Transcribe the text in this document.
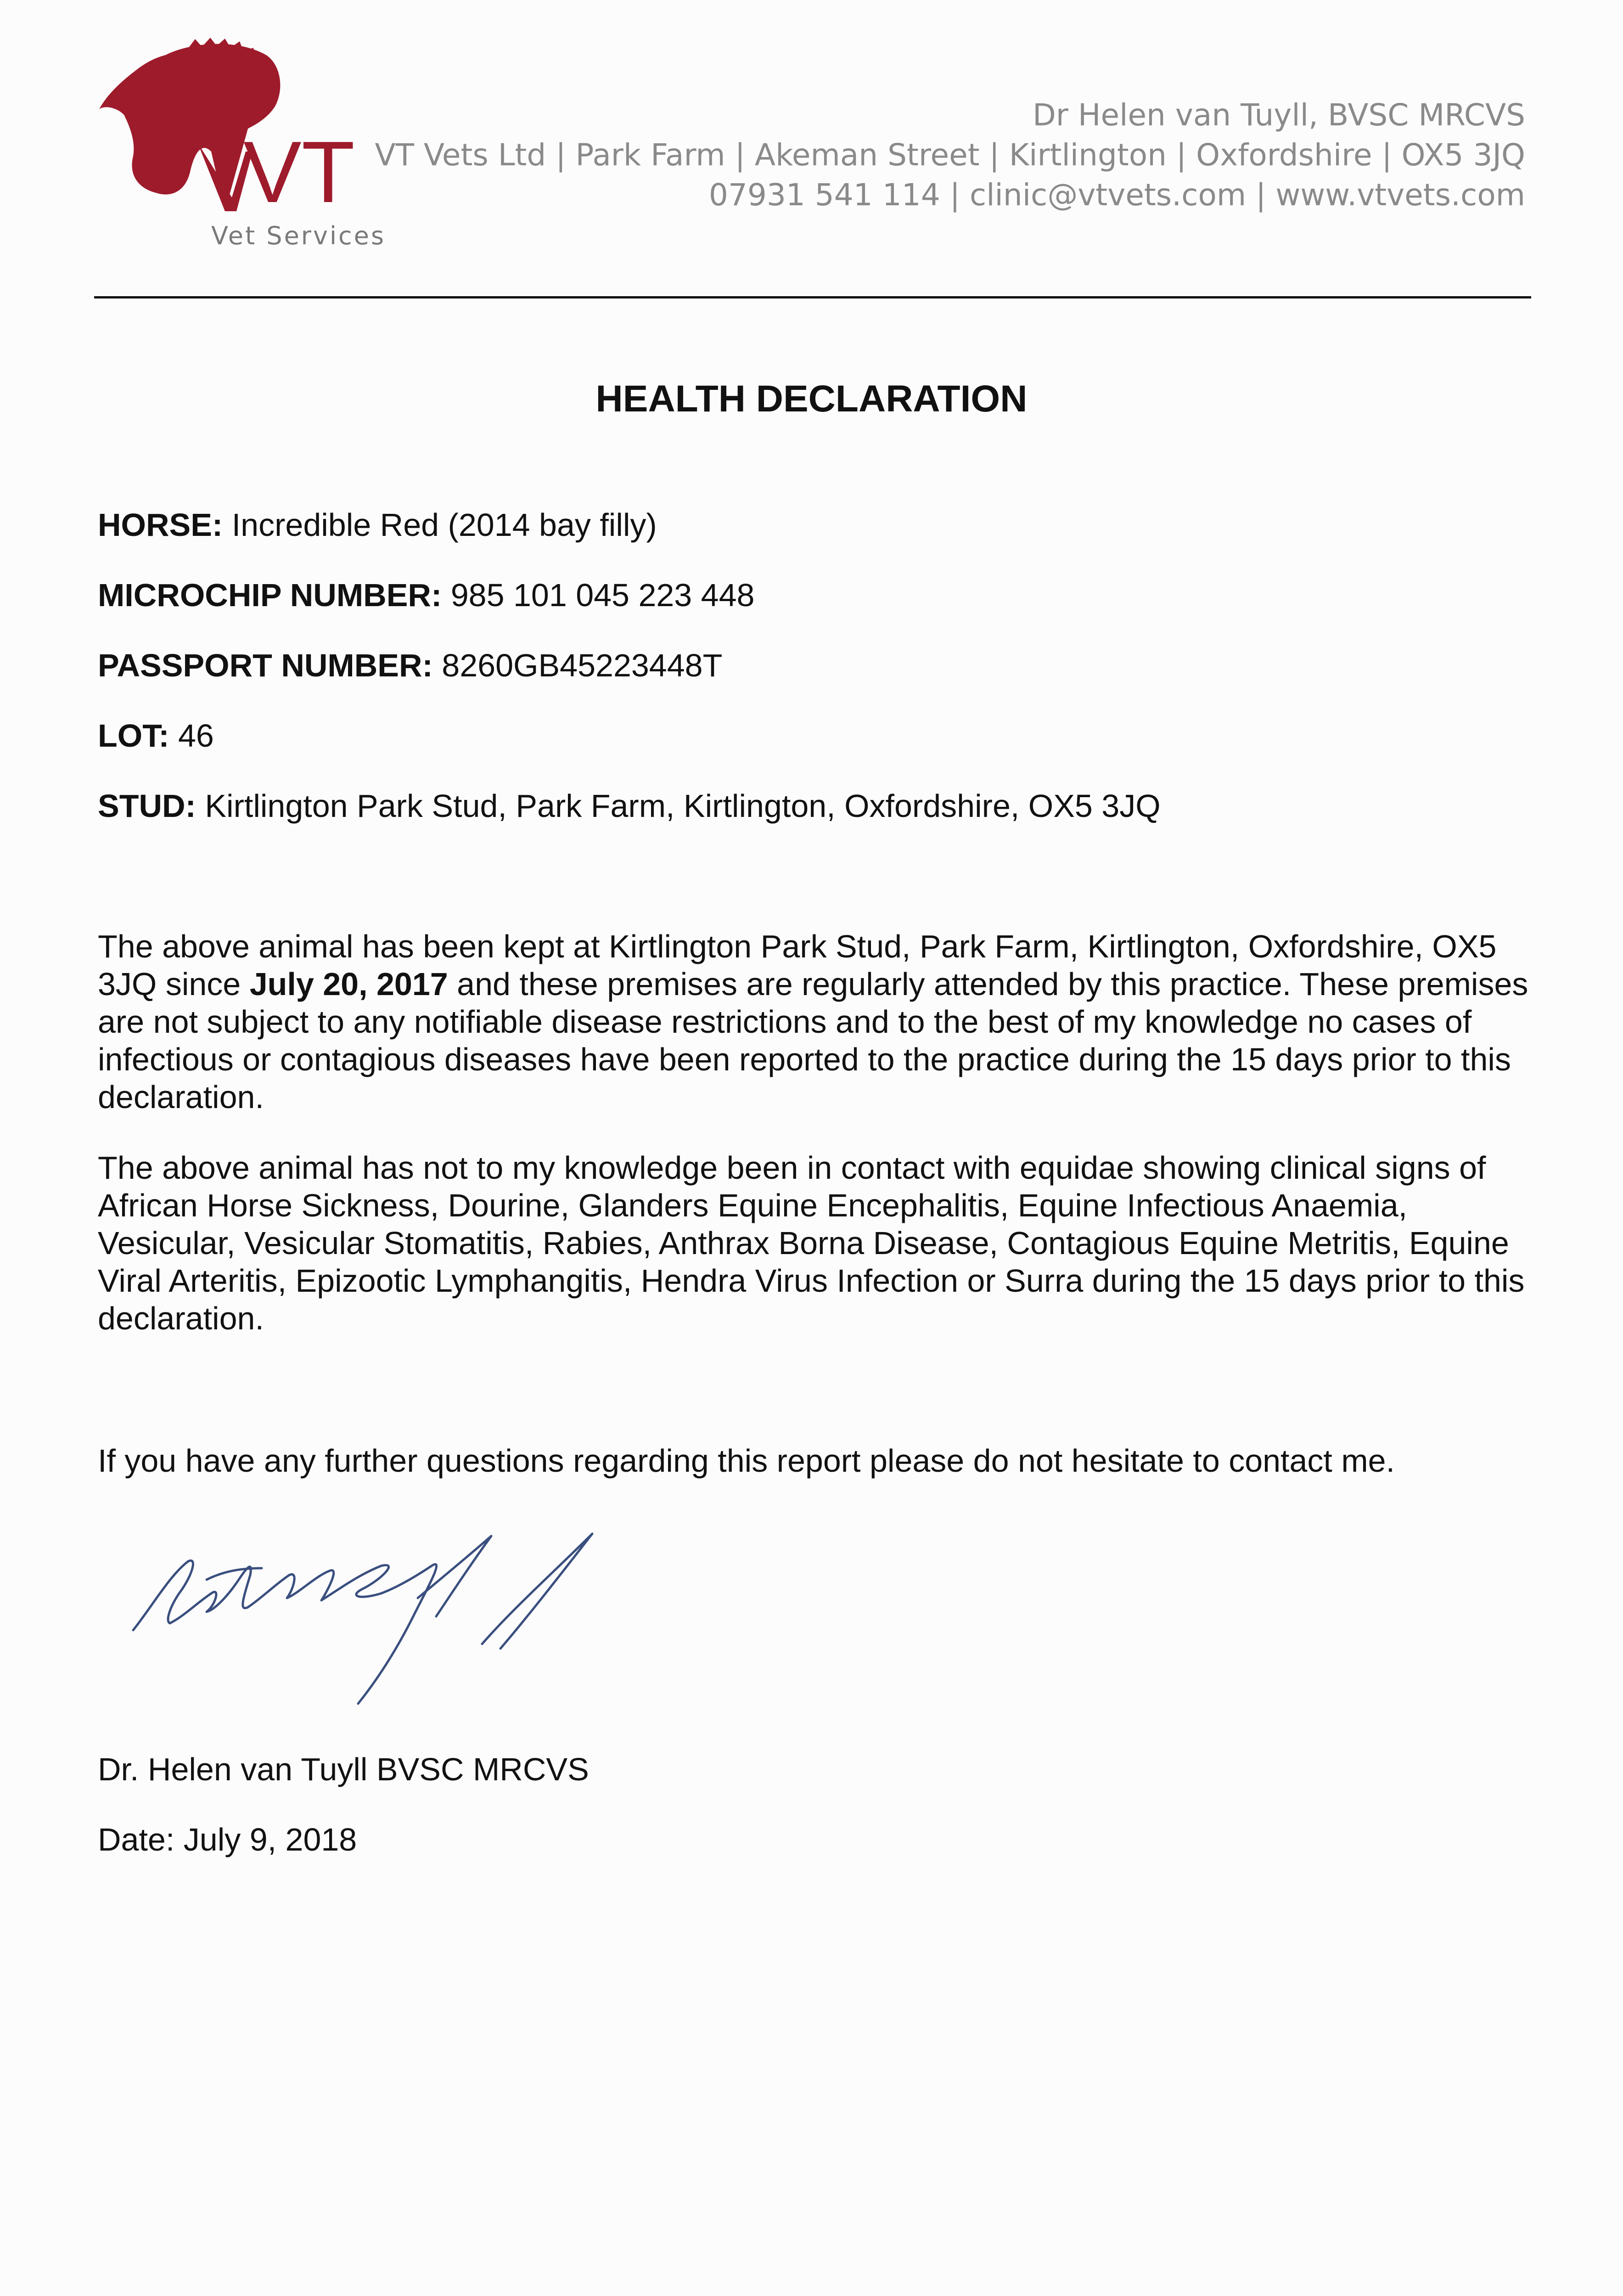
VT
Vet Services
Dr Helen van Tuyll, BVSC MRCVS
VT Vets Ltd | Park Farm | Akeman Street | Kirtlington | Oxfordshire | OX5 3JQ
07931 541 114 | clinic@vtvets.com | www.vtvets.com
HEALTH DECLARATION
HORSE: Incredible Red (2014 bay filly)
MICROCHIP NUMBER: 985 101 045 223 448
PASSPORT NUMBER: 8260GB45223448T
LOT: 46
STUD: Kirtlington Park Stud, Park Farm, Kirtlington, Oxfordshire, OX5 3JQ
The above animal has been kept at Kirtlington Park Stud, Park Farm, Kirtlington, Oxfordshire, OX5 3JQ since July 20, 2017 and these premises are regularly attended by this practice. These premises are not subject to any notifiable disease restrictions and to the best of my knowledge no cases of infectious or contagious diseases have been reported to the practice during the 15 days prior to this declaration.
The above animal has not to my knowledge been in contact with equidae showing clinical signs of African Horse Sickness, Dourine, Glanders Equine Encephalitis, Equine Infectious Anaemia, Vesicular, Vesicular Stomatitis, Rabies, Anthrax Borna Disease, Contagious Equine Metritis, Equine Viral Arteritis, Epizootic Lymphangitis, Hendra Virus Infection or Surra during the 15 days prior to this declaration.
If you have any further questions regarding this report please do not hesitate to contact me.
Dr. Helen van Tuyll BVSC MRCVS
Date: July 9, 2018
